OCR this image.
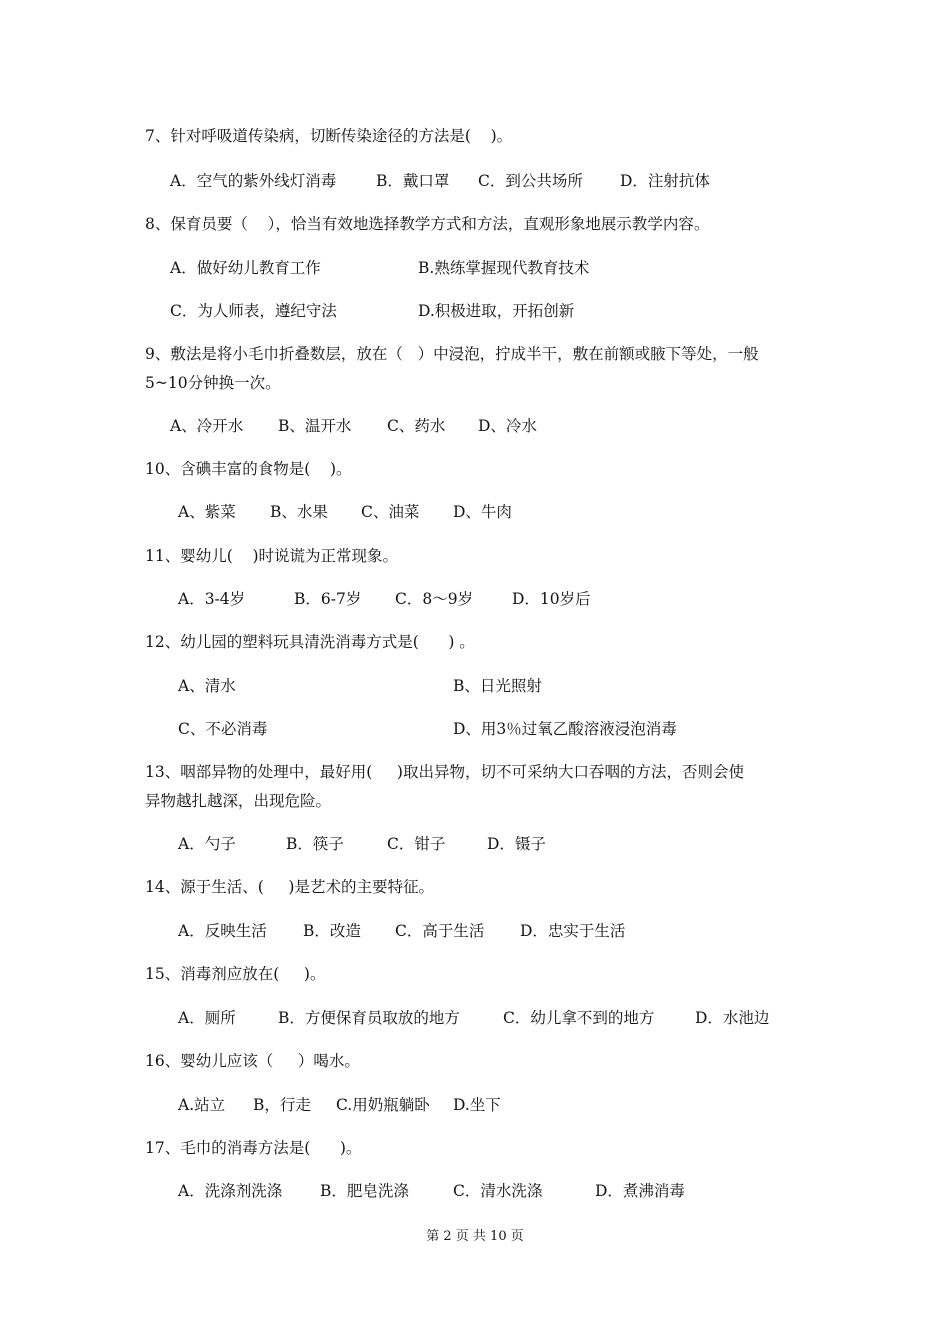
7、针对呼吸道传染病，切断传染途径的方法是(    )。
A．空气的紫外线灯消毒	B．戴口罩 C．到公共场所 D．注射抗体
8、保育员要（    ），恰当有效地选择教学方式和方法，直观形象地展示教学内容。
A．做好幼儿教育工作	B.熟练掌握现代教育技术
C．为人师表，遵纪守法	D.积极进取，开拓创新
9、敷法是将小毛巾折叠数层，放在（   ）中浸泡，拧成半干，敷在前额或腋下等处，一般
5~10分钟换一次。
A、冷开水 B、温开水 C、药水 D、冷水
10、含碘丰富的食物是(    )。
A、紫菜 B、水果 C、油菜 D、牛肉
11、婴幼儿(    )时说谎为正常现象。
A．3-4岁	B．6-7岁 C．8～9岁	D．10岁后
12、幼儿园的塑料玩具清洗消毒方式是(      ) 。
A、清水	B、日光照射
C、不必消毒	D、用3％过氧乙酸溶液浸泡消毒
13、咽部异物的处理中，最好用(     )取出异物，切不可采纳大口吞咽的方法，否则会使
异物越扎越深，出现危险。
A．勺子	B．筷子	C．钳子	D．镊子
14、源于生活、(     )是艺术的主要特征。
A．反映生活 B．改造 C．高于生活 D．忠实于生活
15、消毒剂应放在(     )。
A．厕所	B．方便保育员取放的地方	C．幼儿拿不到的地方	D．水池边
16、婴幼儿应该（     ）喝水。
A.站立 B，行走 C.用奶瓶躺卧 D.坐下
17、毛巾的消毒方法是(      )。
A．洗涤剂洗涤 B．肥皂洗涤	C．清水洗涤	D．煮沸消毒
第 2 页 共 10 页
